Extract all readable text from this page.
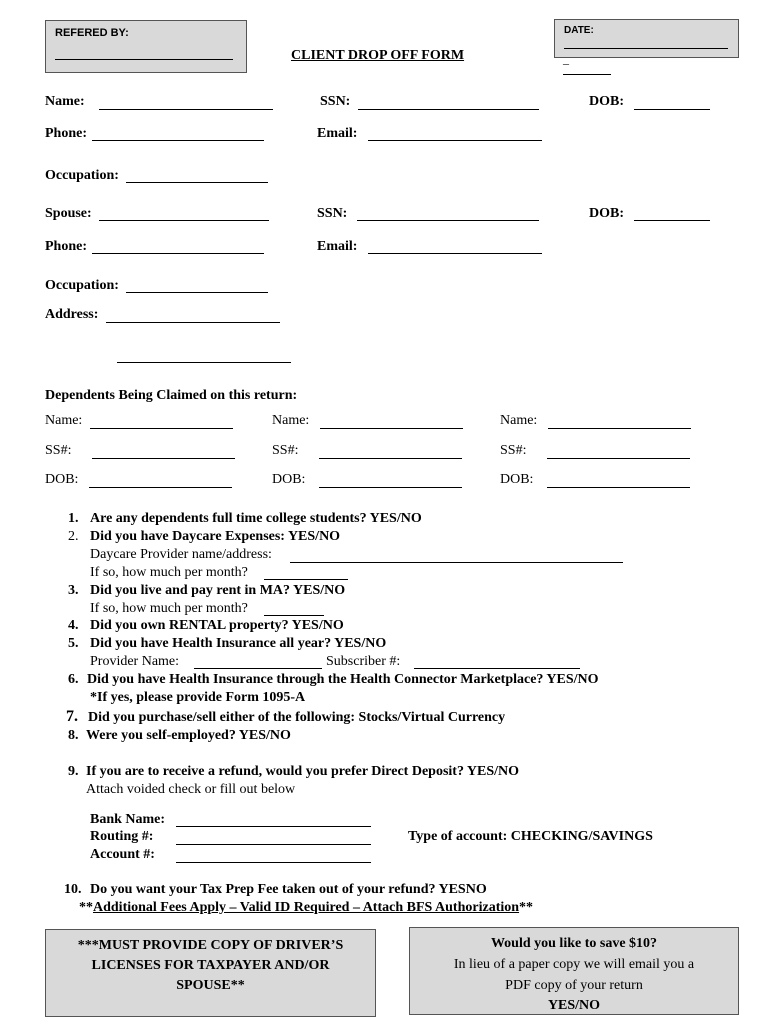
REFERED BY:
CLIENT DROP OFF FORM
DATE:
_
Name:	SSN:	DOB:
Phone:	Email:
Occupation:
Spouse:	SSN:	DOB:
Phone:	Email:
Occupation:
Address:
Dependents Being Claimed on this return:
Name:	Name:	Name:
SS#:	SS#:	SS#:
DOB:	DOB:	DOB:
1. Are any dependents full time college students? YES/NO
2. Did you have Daycare Expenses: YES/NO
Daycare Provider name/address:
If so, how much per month?
3. Did you live and pay rent in MA? YES/NO
If so, how much per month?
4. Did you own RENTAL property? YES/NO
5. Did you have Health Insurance all year? YES/NO
Provider Name:	Subscriber #:
6. Did you have Health Insurance through the Health Connector Marketplace? YES/NO
*If yes, please provide Form 1095-A
7. Did you purchase/sell either of the following: Stocks/Virtual Currency
8. Were you self-employed? YES/NO
9. If you are to receive a refund, would you prefer Direct Deposit? YES/NO
Attach voided check or fill out below
Bank Name:
Routing #:
Account #:
Type of account: CHECKING/SAVINGS
10. Do you want your Tax Prep Fee taken out of your refund? YESNO
**Additional Fees Apply – Valid ID Required – Attach BFS Authorization**
***MUST PROVIDE COPY OF DRIVER’S
LICENSES FOR TAXPAYER AND/OR
SPOUSE**
Would you like to save $10?
In lieu of a paper copy we will email you a
PDF copy of your return
YES/NO
